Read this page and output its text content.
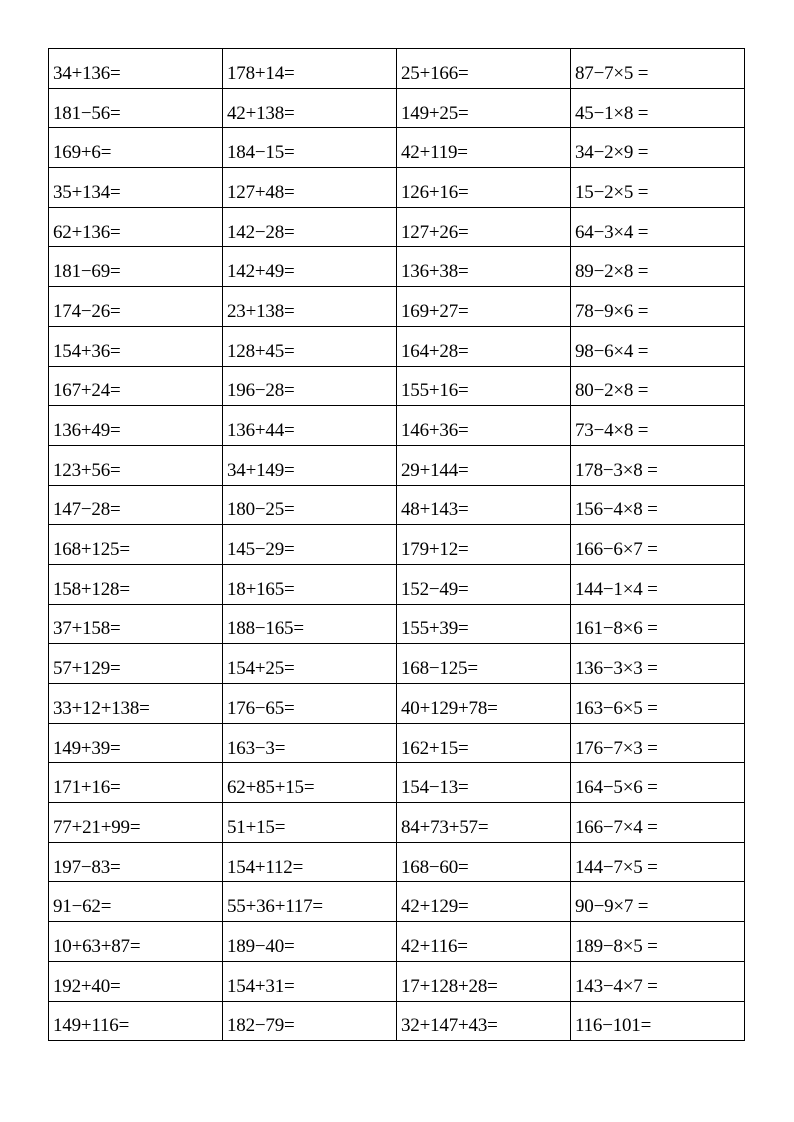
34+136=	178+14=	25+166=	87−7×5 =
181−56=	42+138=	149+25=	45−1×8 =
169+6=	184−15=	42+119=	34−2×9 =
35+134=	127+48=	126+16=	15−2×5 =
62+136=	142−28=	127+26=	64−3×4 =
181−69=	142+49=	136+38=	89−2×8 =
174−26=	23+138=	169+27=	78−9×6 =
154+36=	128+45=	164+28=	98−6×4 =
167+24=	196−28=	155+16=	80−2×8 =
136+49=	136+44=	146+36=	73−4×8 =
123+56=	34+149=	29+144=	178−3×8 =
147−28=	180−25=	48+143=	156−4×8 =
168+125=	145−29=	179+12=	166−6×7 =
158+128=	18+165=	152−49=	144−1×4 =
37+158=	188−165=	155+39=	161−8×6 =
57+129=	154+25=	168−125=	136−3×3 =
33+12+138=	176−65=	40+129+78=	163−6×5 =
149+39=	163−3=	162+15=	176−7×3 =
171+16=	62+85+15=	154−13=	164−5×6 =
77+21+99=	51+15=	84+73+57=	166−7×4 =
197−83=	154+112=	168−60=	144−7×5 =
91−62=	55+36+117=	42+129=	90−9×7 =
10+63+87=	189−40=	42+116=	189−8×5 =
192+40=	154+31=	17+128+28=	143−4×7 =
149+116=	182−79=	32+147+43=	116−101=
